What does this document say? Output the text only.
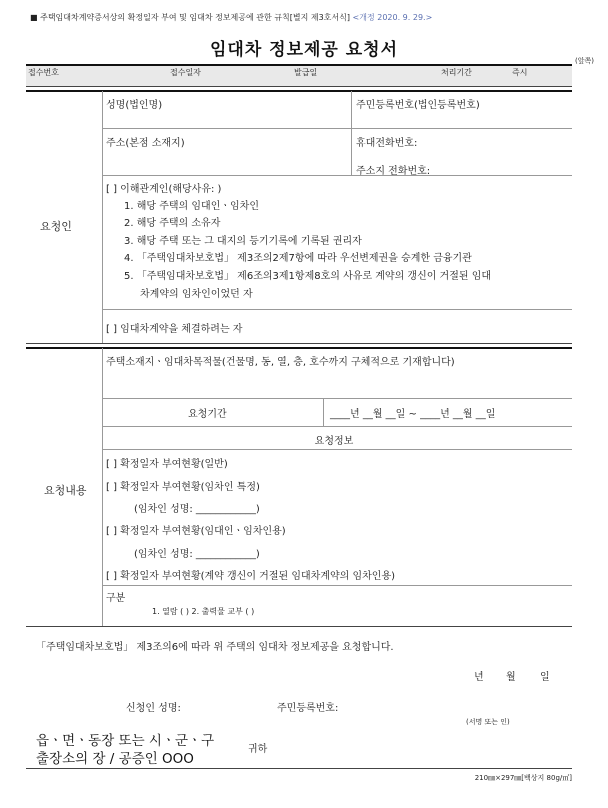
■ 주택임대차계약증서상의 확정일자 부여 및 임대차 정보제공에 관한 규칙[별지 제3호서식] <개정 2020. 9. 29.>
임대차 정보제공 요청서
(앞쪽)
접수번호	접수일자	발급일	처리기간	즉시
요청인
성명(법인명)	주민등록번호(법인등록번호)
주소(본점 소재지)	휴대전화번호:
주소지 전화번호:
[ ] 이해관계인(해당사유: )
1. 해당 주택의 임대인ㆍ임차인
2. 해당 주택의 소유자
3. 해당 주택 또는 그 대지의 등기기록에 기록된 권리자
4. 「주택임대차보호법」 제3조의2제7항에 따라 우선변제권을 승계한 금융기관
5. 「주택임대차보호법」 제6조의3제1항제8호의 사유로 계약의 갱신이 거절된 임대
차계약의 임차인이었던 자
[ ] 임대차계약을 체결하려는 자
요청내용
주택소재지ㆍ임대차목적물(건물명, 동, 열, 층, 호수까지 구체적으로 기재합니다)
요청기간	____년 __월 __일 ~ ____년 __월 __일
요청정보
[ ] 확정일자 부여현황(일반)
[ ] 확정일자 부여현황(임차인 특정)
(임차인 성명: ____________)
[ ] 확정일자 부여현황(임대인ㆍ임차인용)
(임차인 성명: ____________)
[ ] 확정일자 부여현황(계약 갱신이 거절된 임대차계약의 임차인용)
구분
1. 열람 ( ) 2. 출력물 교부 ( )
「주택임대차보호법」 제3조의6에 따라 위 주택의 임대차 정보제공을 요청합니다.
년 월 일
신청인 성명:	주민등록번호:
(서명 또는 인)
읍ㆍ면ㆍ동장 또는 시ㆍ군ㆍ구
출장소의 장 / 공증인 OOO
귀하
210㎜×297㎜[백상지 80g/㎡]
